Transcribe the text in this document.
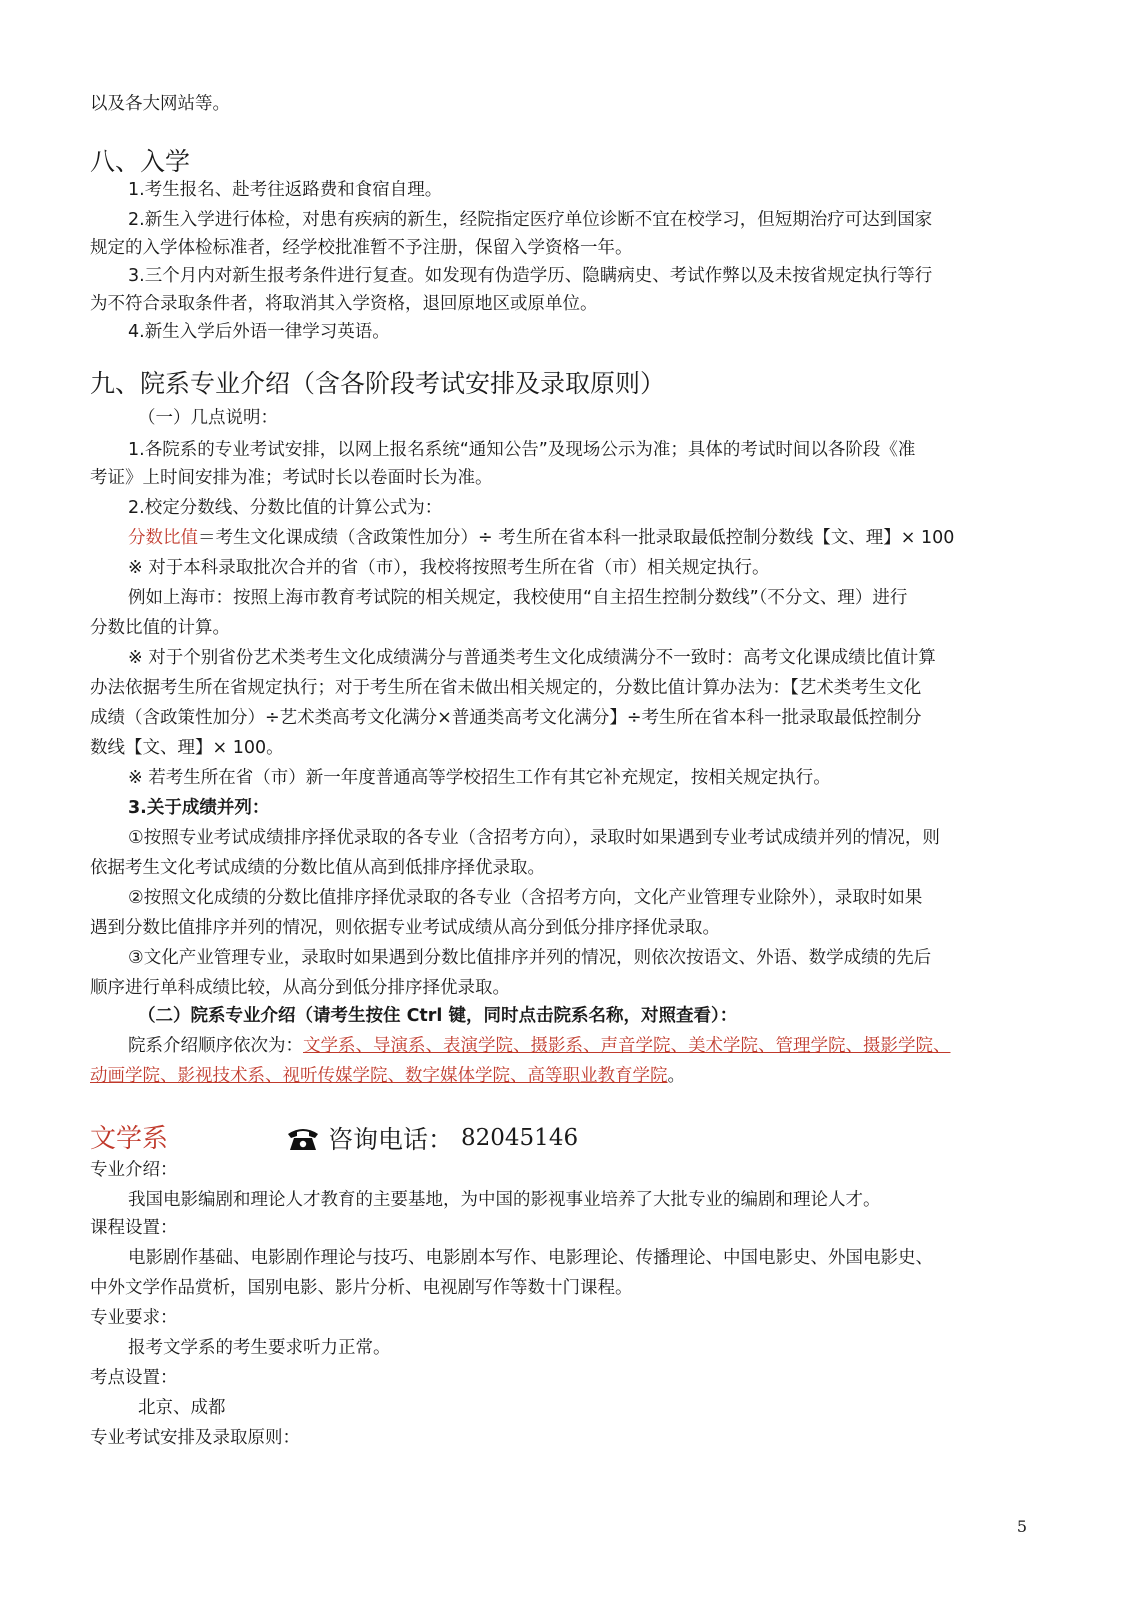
以及各大网站等。
八、入学
1.考生报名、赴考往返路费和食宿自理。
2.新生入学进行体检，对患有疾病的新生，经院指定医疗单位诊断不宜在校学习，但短期治疗可达到国家
规定的入学体检标准者，经学校批准暂不予注册，保留入学资格一年。
3.三个月内对新生报考条件进行复查。如发现有伪造学历、隐瞒病史、考试作弊以及未按省规定执行等行
为不符合录取条件者，将取消其入学资格，退回原地区或原单位。
4.新生入学后外语一律学习英语。
九、院系专业介绍（含各阶段考试安排及录取原则）
（一）几点说明：
1.各院系的专业考试安排，以网上报名系统“通知公告”及现场公示为准；具体的考试时间以各阶段《准
考证》上时间安排为准；考试时长以卷面时长为准。
2.校定分数线、分数比值的计算公式为：
分数比值＝考生文化课成绩（含政策性加分）÷ 考生所在省本科一批录取最低控制分数线【文、理】× 100
※ 对于本科录取批次合并的省（市），我校将按照考生所在省（市）相关规定执行。
例如上海市：按照上海市教育考试院的相关规定，我校使用“自主招生控制分数线”（不分文、理）进行
分数比值的计算。
※ 对于个别省份艺术类考生文化成绩满分与普通类考生文化成绩满分不一致时：高考文化课成绩比值计算
办法依据考生所在省规定执行；对于考生所在省未做出相关规定的，分数比值计算办法为：【艺术类考生文化
成绩（含政策性加分）÷艺术类高考文化满分×普通类高考文化满分】÷考生所在省本科一批录取最低控制分
数线【文、理】× 100。
※ 若考生所在省（市）新一年度普通高等学校招生工作有其它补充规定，按相关规定执行。
3.关于成绩并列：
①按照专业考试成绩排序择优录取的各专业（含招考方向），录取时如果遇到专业考试成绩并列的情况，则
依据考生文化考试成绩的分数比值从高到低排序择优录取。
②按照文化成绩的分数比值排序择优录取的各专业（含招考方向，文化产业管理专业除外），录取时如果
遇到分数比值排序并列的情况，则依据专业考试成绩从高分到低分排序择优录取。
③文化产业管理专业，录取时如果遇到分数比值排序并列的情况，则依次按语文、外语、数学成绩的先后
顺序进行单科成绩比较，从高分到低分排序择优录取。
（二）院系专业介绍（请考生按住 Ctrl 键，同时点击院系名称，对照查看）：
院系介绍顺序依次为：文学系、导演系、表演学院、摄影系、声音学院、美术学院、管理学院、摄影学院、
动画学院、影视技术系、视听传媒学院、数字媒体学院、高等职业教育学院。
文学系	咨询电话： 82045146
专业介绍：
我国电影编剧和理论人才教育的主要基地，为中国的影视事业培养了大批专业的编剧和理论人才。
课程设置：
电影剧作基础、电影剧作理论与技巧、电影剧本写作、电影理论、传播理论、中国电影史、外国电影史、
中外文学作品赏析，国别电影、影片分析、电视剧写作等数十门课程。
专业要求：
报考文学系的考生要求听力正常。
考点设置：
北京、成都
专业考试安排及录取原则：
5
